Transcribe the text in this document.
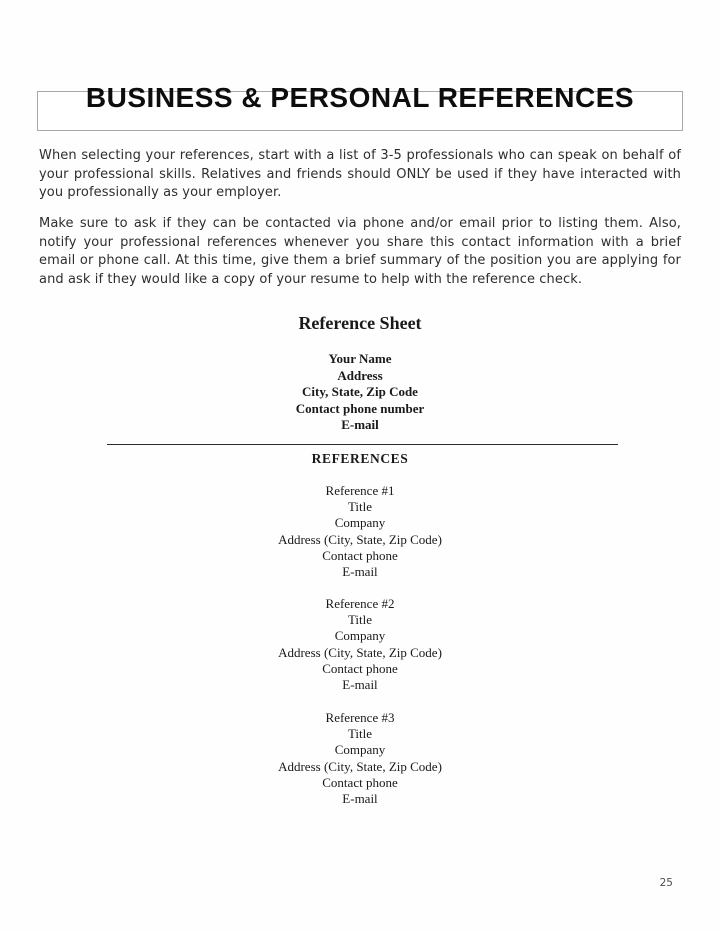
BUSINESS & PERSONAL REFERENCES
When selecting your references, start with a list of 3-5 professionals who can speak on behalf of your professional skills. Relatives and friends should ONLY be used if they have interacted with you professionally as your employer.
Make sure to ask if they can be contacted via phone and/or email prior to listing them. Also, notify your professional references whenever you share this contact information with a brief email or phone call. At this time, give them a brief summary of the position you are applying for and ask if they would like a copy of your resume to help with the reference check.
Reference Sheet
Your Name
Address
City, State, Zip Code
Contact phone number
E-mail
REFERENCES
Reference #1
Title
Company
Address (City, State, Zip Code)
Contact phone
E-mail
Reference #2
Title
Company
Address (City, State, Zip Code)
Contact phone
E-mail
Reference #3
Title
Company
Address (City, State, Zip Code)
Contact phone
E-mail
25
